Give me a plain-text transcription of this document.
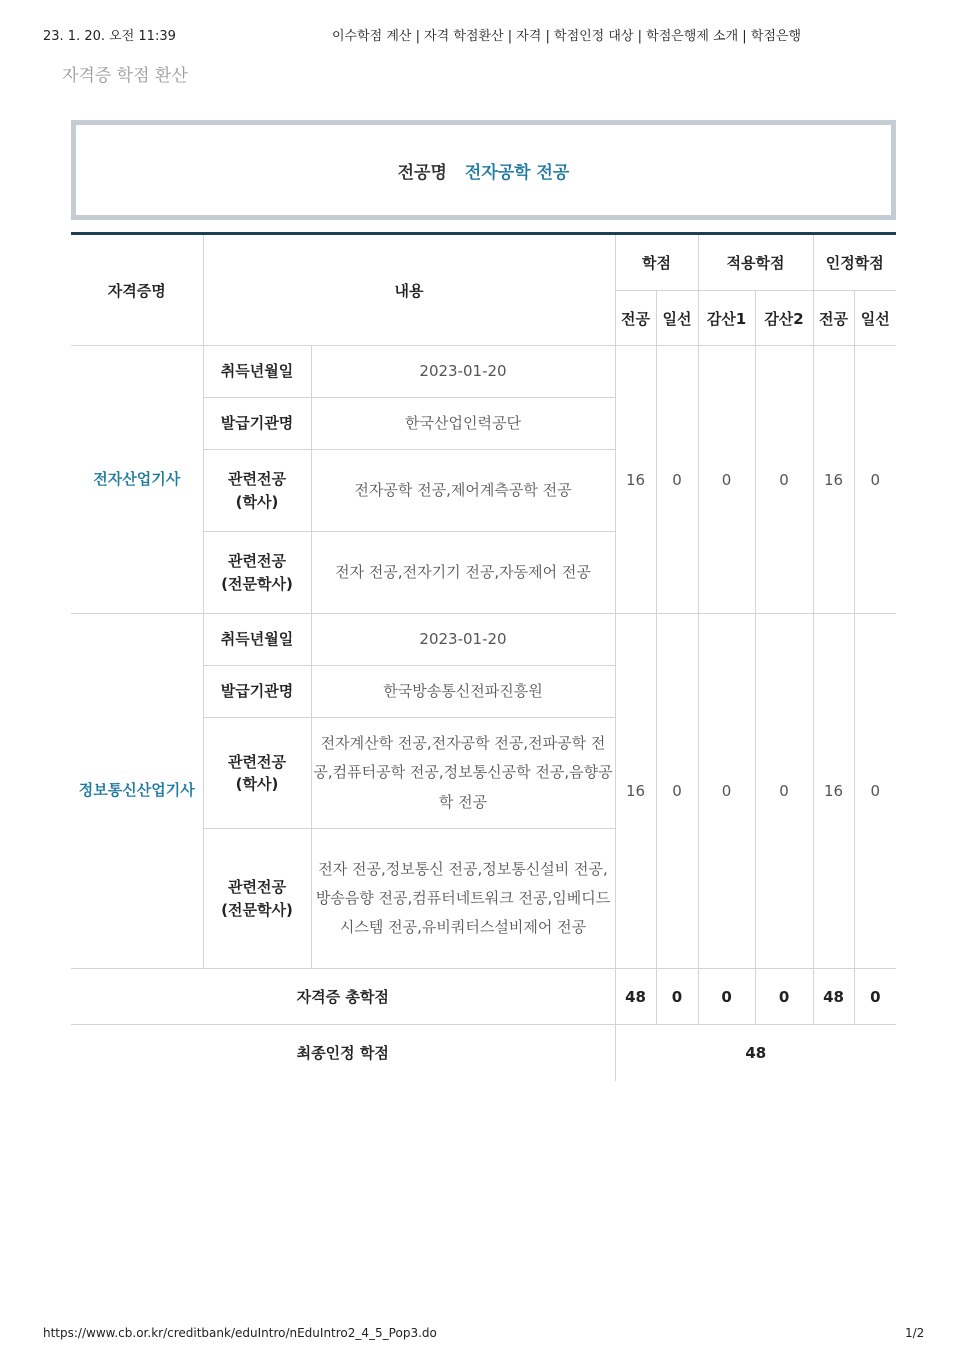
23. 1. 20. 오전 11:39	이수학점 계산 | 자격 학점환산 | 자격 | 학점인정 대상 | 학점은행제 소개 | 학점은행
자격증 학점 환산
전공명 전자공학 전공
자격증명	내용		학점		적용학점		인정학점	
			전공	일선	감산1	감산2	전공	일선
전자산업기사	취득년월일	2023-01-20	16	0	0	0	16	0
	발급기관명	한국산업인력공단						
	관련전공
(학사)	전자공학 전공,제어계측공학 전공						
	관련전공
(전문학사)	전자 전공,전자기기 전공,자동제어 전공						
정보통신산업기사	취득년월일	2023-01-20	16	0	0	0	16	0
	발급기관명	한국방송통신전파진흥원						
	관련전공
(학사)	전자계산학 전공,전자공학 전공,전파공학 전공,컴퓨터공학 전공,정보통신공학 전공,음향공학 전공						
	관련전공
(전문학사)	전자 전공,정보통신 전공,정보통신설비 전공,방송음향 전공,컴퓨터네트워크 전공,임베디드시스템 전공,유비쿼터스설비제어 전공						
자격증 총학점			48	0	0	0	48	0
최종인정 학점			48					
https://www.cb.or.kr/creditbank/eduIntro/nEduIntro2_4_5_Pop3.do	1/2
